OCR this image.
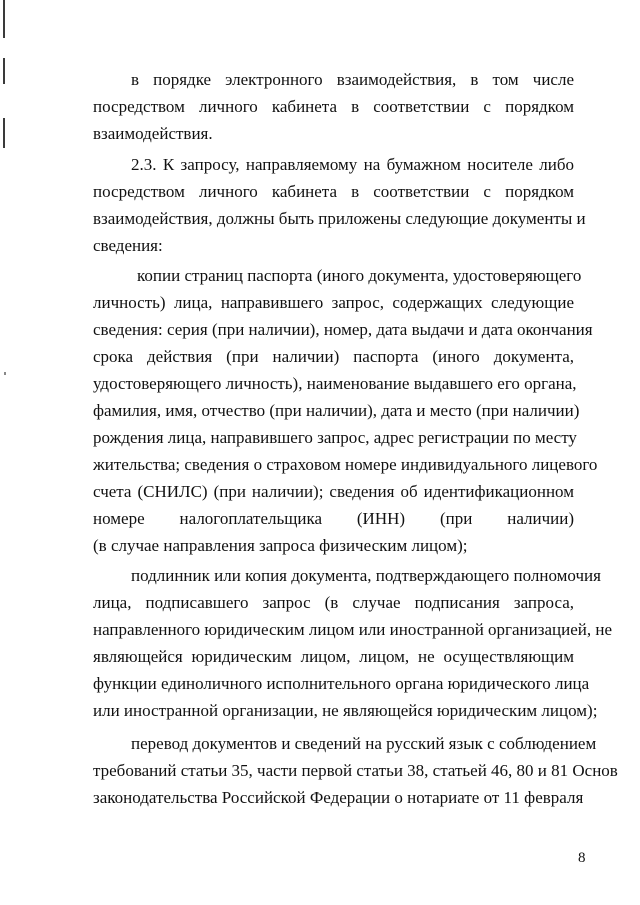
в порядке электронного взаимодействия, в том числе
посредством личного кабинета в соответствии с порядком
взаимодействия.
2.3. К запросу, направляемому на бумажном носителе либо
посредством личного кабинета в соответствии с порядком
взаимодействия, должны быть приложены следующие документы и
сведения:
копии страниц паспорта (иного документа, удостоверяющего
личность) лица, направившего запрос, содержащих следующие
сведения: серия (при наличии), номер, дата выдачи и дата окончания
срока действия (при наличии) паспорта (иного документа,
удостоверяющего личность), наименование выдавшего его органа,
фамилия, имя, отчество (при наличии), дата и место (при наличии)
рождения лица, направившего запрос, адрес регистрации по месту
жительства; сведения о страховом номере индивидуального лицевого
счета (СНИЛС) (при наличии); сведения об идентификационном
номере налогоплательщика (ИНН) (при наличии)
(в случае направления запроса физическим лицом);
подлинник или копия документа, подтверждающего полномочия
лица, подписавшего запрос (в случае подписания запроса,
направленного юридическим лицом или иностранной организацией, не
являющейся юридическим лицом, лицом, не осуществляющим
функции единоличного исполнительного органа юридического лица
или иностранной организации, не являющейся юридическим лицом);
перевод документов и сведений на русский язык с соблюдением
требований статьи 35, части первой статьи 38, статьей 46, 80 и 81 Основ
законодательства Российской Федерации о нотариате от 11 февраля
8
